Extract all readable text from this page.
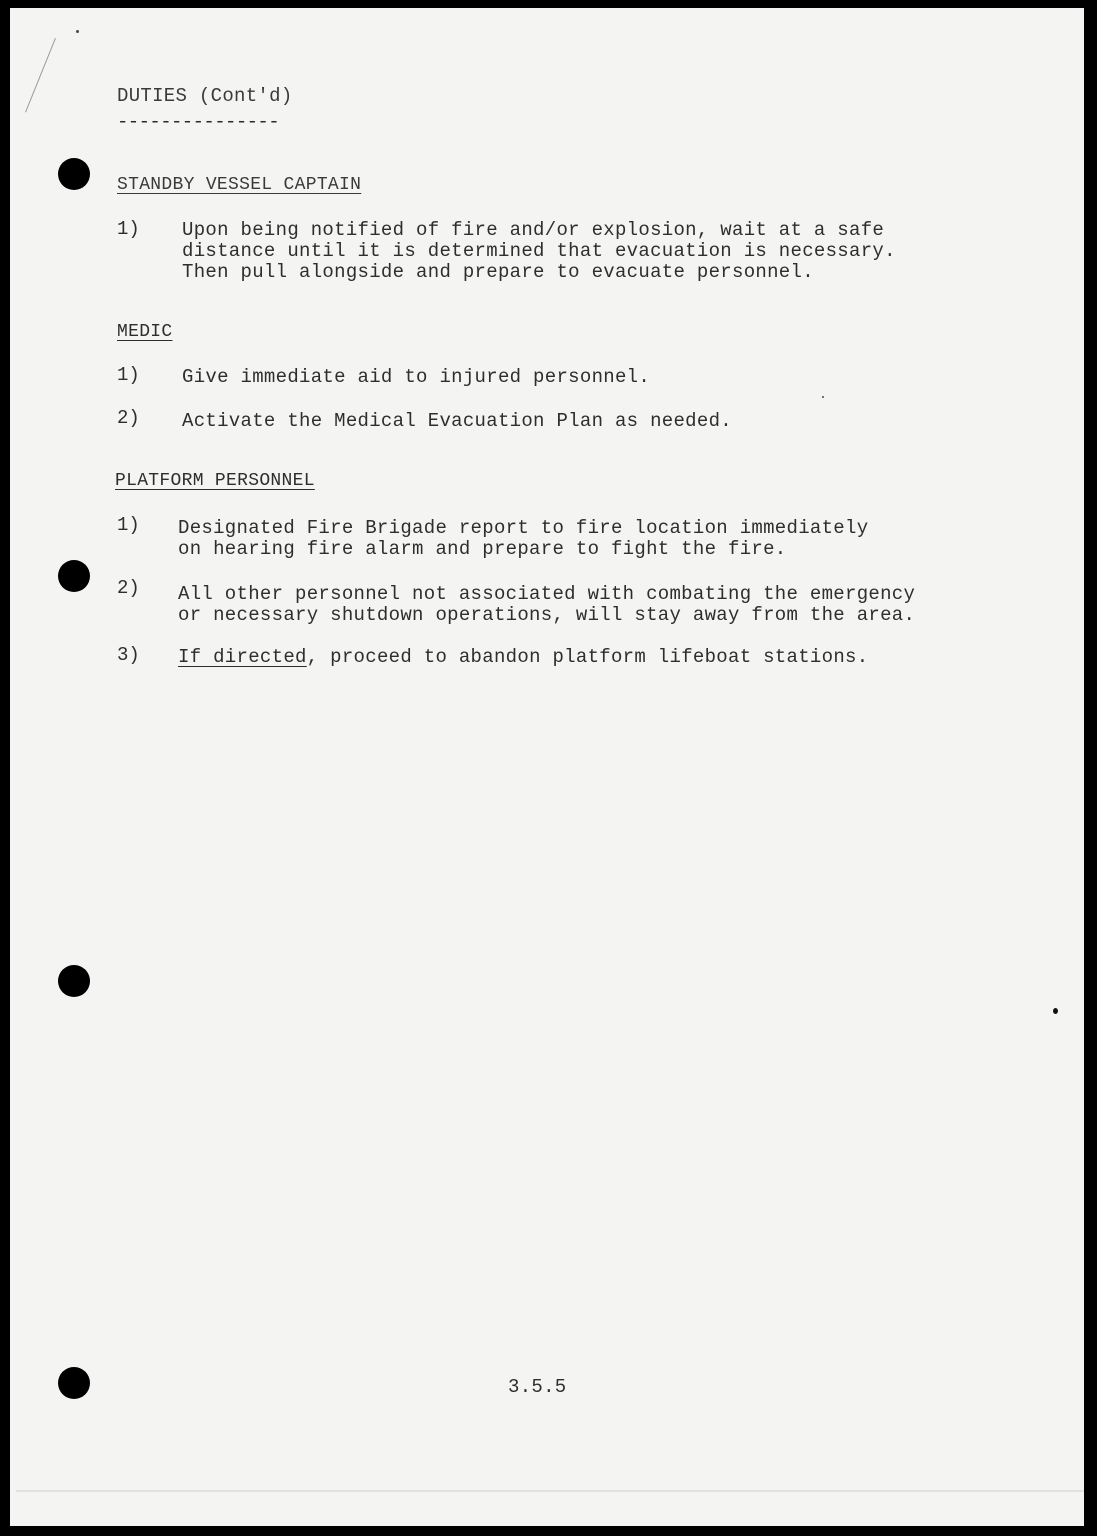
DUTIES (Cont'd)
---------------
STANDBY VESSEL CAPTAIN
1) Upon being notified of fire and/or explosion, wait at a safe
distance until it is determined that evacuation is necessary.
Then pull alongside and prepare to evacuate personnel.
MEDIC
1) Give immediate aid to injured personnel.
2) Activate the Medical Evacuation Plan as needed.
PLATFORM PERSONNEL
1) Designated Fire Brigade report to fire location immediately
on hearing fire alarm and prepare to fight the fire.
2) All other personnel not associated with combating the emergency
or necessary shutdown operations, will stay away from the area.
3) If directed, proceed to abandon platform lifeboat stations.
3.5.5
